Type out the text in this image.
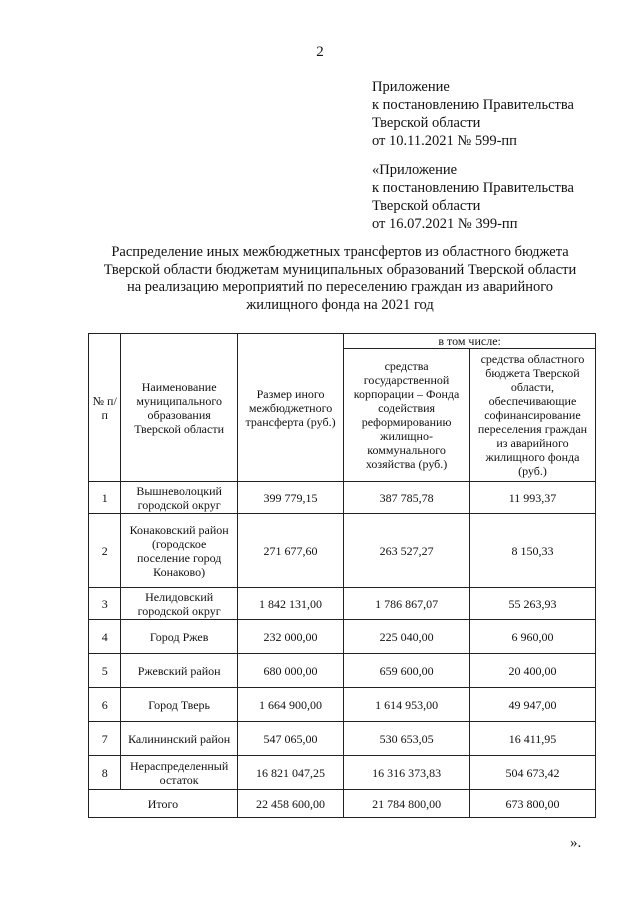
2
Приложение
к постановлению Правительства
Тверской области
от 10.11.2021 № 599-пп
«Приложение
к постановлению Правительства
Тверской области
от 16.07.2021 № 399-пп
Распределение иных межбюджетных трансфертов из областного бюджета
Тверской области бюджетам муниципальных образований Тверской области
на реализацию мероприятий по переселению граждан из аварийного
жилищного фонда на 2021 год
№ п/п	Наименование муниципального образования Тверской области	Размер иного межбюджетного трансферта (руб.)	в том числе:	
			средства государственной корпорации – Фонда содействия реформированию жилищно-коммунального хозяйства (руб.)	средства областного бюджета Тверской области, обеспечивающие софинансирование переселения граждан из аварийного жилищного фонда (руб.)
1	Вышневолоцкий городской округ	399 779,15	387 785,78	11 993,37
2	Конаковский район (городское поселение город Конаково)	271 677,60	263 527,27	8 150,33
3	Нелидовский городской округ	1 842 131,00	1 786 867,07	55 263,93
4	Город Ржев	232 000,00	225 040,00	6 960,00
5	Ржевский район	680 000,00	659 600,00	20 400,00
6	Город Тверь	1 664 900,00	1 614 953,00	49 947,00
7	Калининский район	547 065,00	530 653,05	16 411,95
8	Нераспределенный остаток	16 821 047,25	16 316 373,83	504 673,42
Итого		22 458 600,00	21 784 800,00	673 800,00
».
